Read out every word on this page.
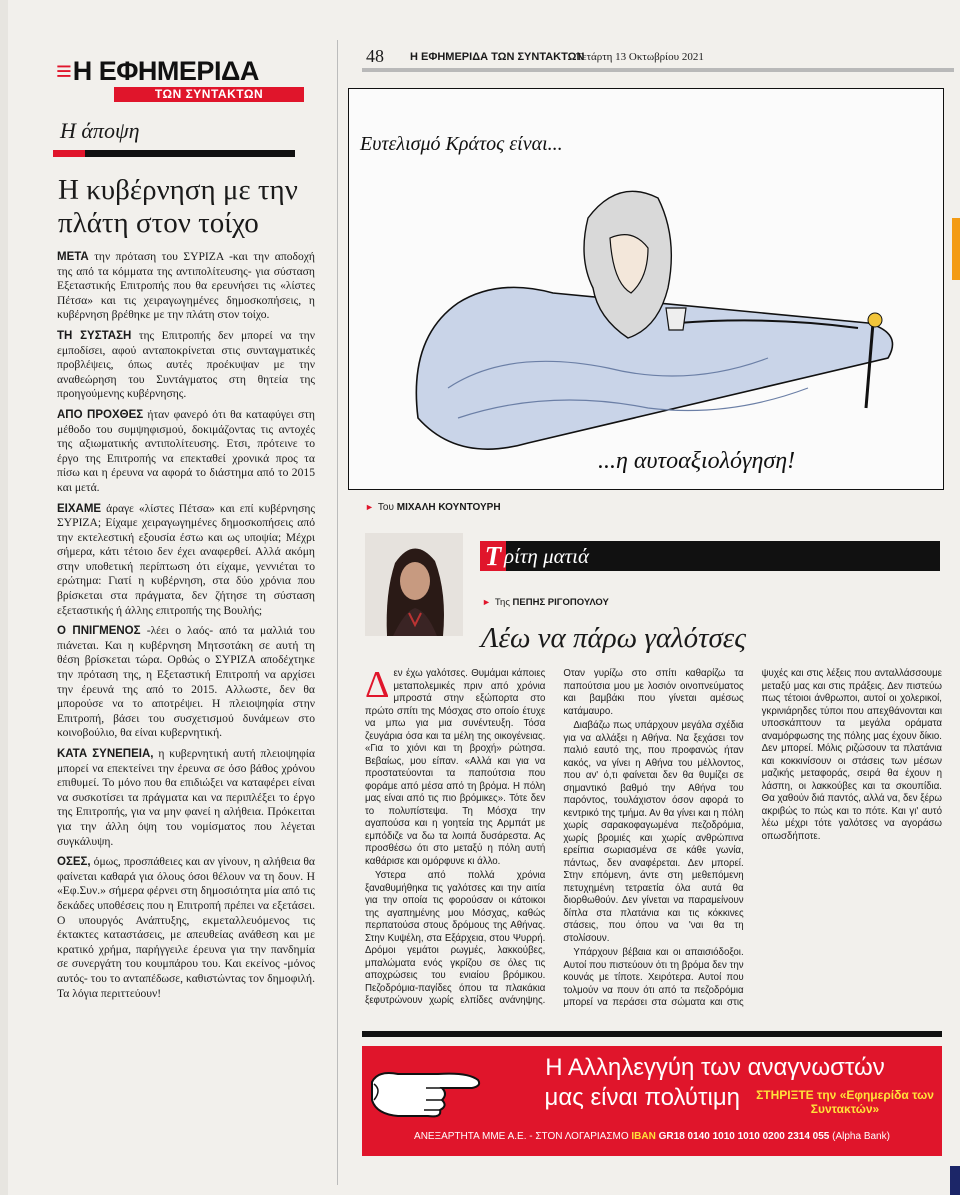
≡ Η ΕΦΗΜΕΡΙΔΑ
ΤΩΝ ΣΥΝΤΑΚΤΩΝ
Η άποψη
Η κυβέρνηση με την
πλάτη στον τοίχο

ΜΕΤΑ την πρόταση του ΣΥΡΙΖΑ -και την αποδοχή της από τα κόμματα της αντιπολίτευσης- για σύσταση Εξεταστικής Επιτροπής που θα ερευνήσει τις «λίστες Πέτσα» και τις χειραγωγημένες δημοσκοπήσεις, η κυβέρνηση βρέθηκε με την πλάτη στον τοίχο.

ΤΗ ΣΥΣΤΑΣΗ της Επιτροπής δεν μπορεί να την εμποδίσει, αφού ανταποκρίνεται στις συνταγματικές προβλέψεις, όπως αυτές προέκυψαν με την αναθεώρηση του Συντάγματος στη θητεία της προηγούμενης κυβέρνησης.

ΑΠΟ ΠΡΟΧΘΕΣ ήταν φανερό ότι θα καταφύγει στη μέθοδο του συμψηφισμού, δοκιμάζοντας τις αντοχές της αξιωματικής αντιπολίτευσης. Ετσι, πρότεινε το έργο της Επιτροπής να επεκταθεί χρονικά προς τα πίσω και η έρευνα να αφορά το διάστημα από το 2015 και μετά.

ΕΙΧΑΜΕ άραγε «λίστες Πέτσα» και επί κυβέρνησης ΣΥΡΙΖΑ; Είχαμε χειραγωγημένες δημοσκοπήσεις από την εκτελεστική εξουσία έστω και ως υποψία; Μέχρι σήμερα, κάτι τέτοιο δεν έχει αναφερθεί. Αλλά ακόμη στην υποθετική περίπτωση ότι είχαμε, γεννιέται το ερώτημα: Γιατί η κυβέρνηση, στα δύο χρόνια που βρίσκεται στα πράγματα, δεν ζήτησε τη σύσταση εξεταστικής ή άλλης επιτροπής της Βουλής;

Ο ΠΝΙΓΜΕΝΟΣ -λέει ο λαός- από τα μαλλιά του πιάνεται. Και η κυβέρνηση Μητσοτάκη σε αυτή τη θέση βρίσκεται τώρα. Ορθώς ο ΣΥΡΙΖΑ αποδέχτηκε την πρόταση της, η Εξεταστική Επιτροπή να αρχίσει την έρευνά της από το 2015. Αλλωστε, δεν θα μπορούσε να το αποτρέψει. Η πλειοψηφία στην Επιτροπή, βάσει του συσχετισμού δυνάμεων στο κοινοβούλιο, θα είναι κυβερνητική.

ΚΑΤΑ ΣΥΝΕΠΕΙΑ, η κυβερνητική αυτή πλειοψηφία μπορεί να επεκτείνει την έρευνα σε όσο βάθος χρόνου επιθυμεί. Το μόνο που θα επιδιώξει να καταφέρει είναι να συσκοτίσει τα πράγματα και να περιπλέξει το έργο της Επιτροπής, για να μην φανεί η αλήθεια. Πρόκειται για την άλλη όψη του νομίσματος που λέγεται συγκάλυψη.

ΟΣΕΣ, όμως, προσπάθειες και αν γίνουν, η αλήθεια θα φαίνεται καθαρά για όλους όσοι θέλουν να τη δουν. Η «Εφ.Συν.» σήμερα φέρνει στη δημοσιότητα μία από τις δεκάδες υποθέσεις που η Επιτροπή πρέπει να εξετάσει. Ο υπουργός Ανάπτυξης, εκμεταλλευόμενος τις έκτακτες καταστάσεις, με απευθείας ανάθεση και με κρατικό χρήμα, παρήγγειλε έρευνα για την πανδημία σε συνεργάτη του κουμπάρου του. Και εκείνος -μόνος αυτός- του το ανταπέδωσε, καθιστώντας τον δημοφιλή. Τα λόγια περιττεύουν!

48 Η ΕΦΗΜΕΡΙΔΑ ΤΩΝ ΣΥΝΤΑΚΤΩΝ
Τετάρτη 13 Οκτωβρίου 2021
Ευτελισμό Κράτος είναι...
...η αυτοαξιολόγηση!
► Του ΜΙΧΑΛΗ ΚΟΥΝΤΟΥΡΗ
Τ ρίτη ματιά
► Της ΠΕΠΗΣ ΡΙΓΟΠΟΥΛΟΥ
Λέω να πάρω γαλότσες

Δεν έχω γαλότσες. Θυμάμαι κάποιες μεταπολεμικές πριν από χρόνια μπροστά στην εξώπορτα στο πρώτο σπίτι της Μόσχας στο οποίο έτυχε να μπω για μια συνέντευξη. Τόσα ζευγάρια όσα και τα μέλη της οικογένειας. «Για το χιόνι και τη βροχή» ρώτησα. Βεβαίως, μου είπαν. «Αλλά και για να προστατεύονται τα παπούτσια που φοράμε από μέσα από τη βρόμα. Η πόλη μας είναι από τις πιο βρόμικες». Τότε δεν το πολυπίστεψα. Τη Μόσχα την αγαπούσα και η γοητεία της Αρμπάτ με εμπόδιζε να δω τα λοιπά δυσάρεστα. Ας προσθέσω ότι στο μεταξύ η πόλη αυτή καθάρισε και ομόρφυνε κι άλλο.

Υστερα από πολλά χρόνια ξαναθυμήθηκα τις γαλότσες και την αιτία για την οποία τις φορούσαν οι κάτοικοι της αγαπημένης μου Μόσχας, καθώς περπατούσα στους δρόμους της Αθήνας. Στην Κυψέλη, στα Εξάρχεια, στου Ψυρρή. Δρόμοι γεμάτοι ρωγμές, λακκούβες, μπαλώματα ενός γκρίζου σε όλες τις αποχρώσεις του ενιαίου βρόμικου. Πεζοδρόμια-παγίδες όπου τα πλακάκια ξεφυτρώνουν χωρίς ελπίδες ανάνηψης. Οταν γυρίζω στο σπίτι καθαρίζω τα παπούτσια μου με λοσιόν οινοπνεύματος και βαμβάκι που γίνεται αμέσως κατάμαυρο.

Διαβάζω πως υπάρχουν μεγάλα σχέδια για να αλλάξει η Αθήνα. Να ξεχάσει τον παλιό εαυτό της, που προφανώς ήταν κακός, να γίνει η Αθήνα του μέλλοντος, που αν' ό,τι φαίνεται δεν θα θυμίζει σε σημαντικό βαθμό την Αθήνα του παρόντος, τουλάχιστον όσον αφορά το κεντρικό της τμήμα. Αν θα γίνει και η πόλη χωρίς σαρακοφαγωμένα πεζοδρόμια, χωρίς βρομιές και χωρίς ανθρώπινα ερείπια σωριασμένα σε κάθε γωνία, πάντως, δεν αναφέρεται. Δεν μπορεί. Στην επόμενη, άντε στη μεθεπόμενη πετυχημένη τετραετία όλα αυτά θα διορθωθούν. Δεν γίνεται να παραμείνουν δίπλα στα πλατάνια και τις κόκκινες στάσεις, που όπου να 'ναι θα τη στολίσουν.

Υπάρχουν βέβαια και οι απαισιόδοξοι. Αυτοί που πιστεύουν ότι τη βρόμα δεν την κουνάς με τίποτε. Χειρότερα. Αυτοί που τολμούν να πουν ότι από τα πεζοδρόμια μπορεί να περάσει στα σώματα και στις ψυχές και στις λέξεις που ανταλλάσσουμε μεταξύ μας και στις πράξεις. Δεν πιστεύω πως τέτοιοι άνθρωποι, αυτοί οι χολερικοί, γκρινιάρηδες τύποι που απεχθάνονται και υποσκάπτουν τα μεγάλα οράματα αναμόρφωσης της πόλης μας έχουν δίκιο. Δεν μπορεί. Μόλις ριζώσουν τα πλατάνια και κοκκινίσουν οι στάσεις των μέσων μαζικής μεταφοράς, σειρά θα έχουν η λάσπη, οι λακκούβες και τα σκουπίδια. Θα χαθούν διά παντός, αλλά να, δεν ξέρω ακριβώς το πώς και το πότε. Και γι' αυτό λέω μέχρι τότε γαλότσες να αγοράσω οπωσδήποτε.

Η Αλληλεγγύη των αναγνωστών
μας είναι πολύτιμη	ΣΤΗΡΙΞΤΕ την «Εφημερίδα των Συντακτών»
ΑΝΕΞΑΡΤΗΤΑ ΜΜΕ Α.Ε. - ΣΤΟΝ ΛΟΓΑΡΙΑΣΜΟ IBAN GR18 0140 1010 1010 0200 2314 055 (Alpha Bank)
